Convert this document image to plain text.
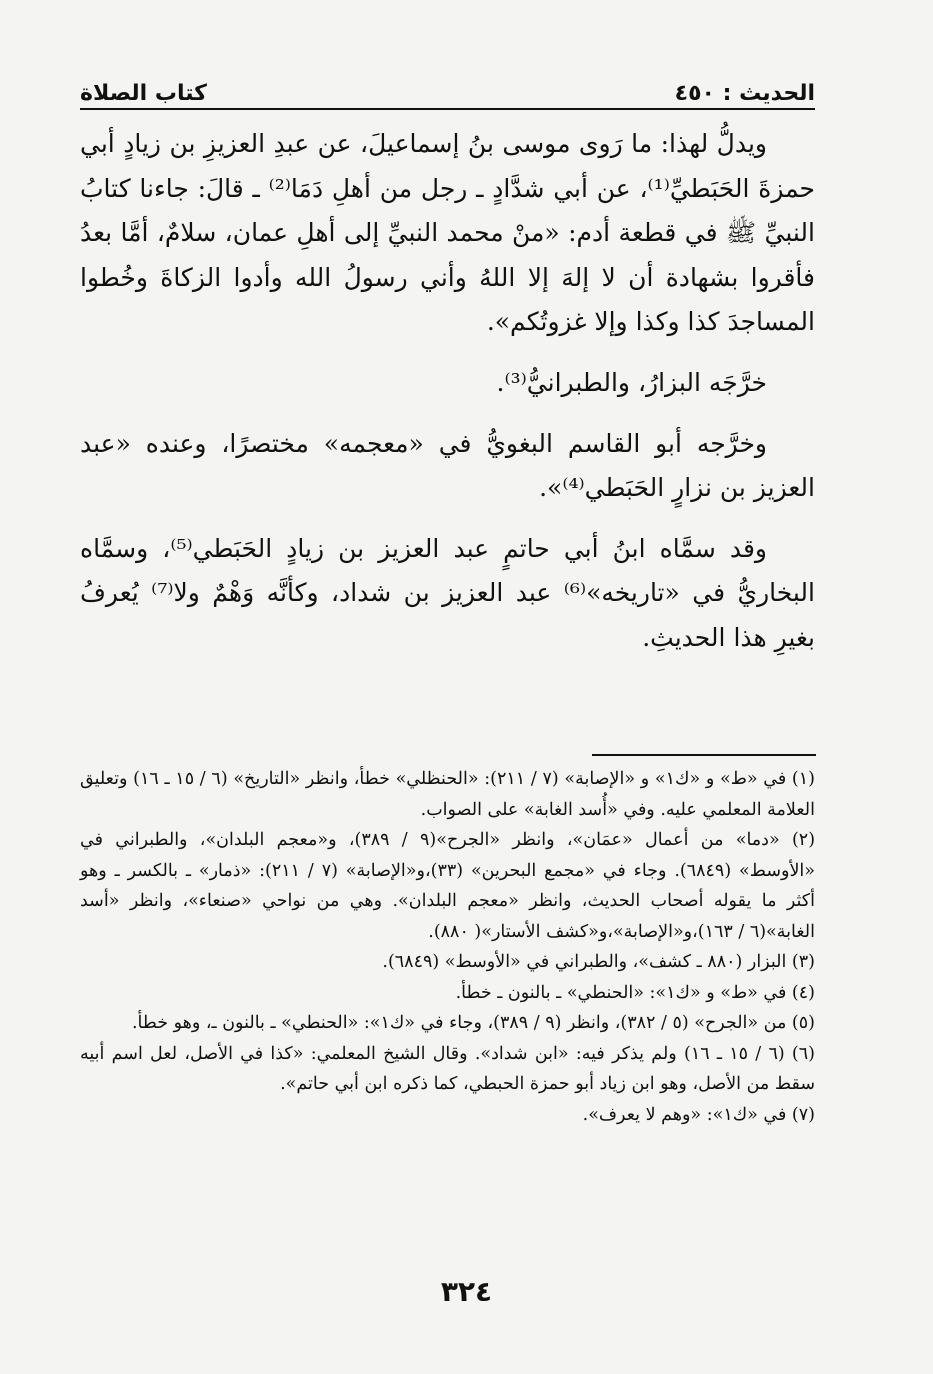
الحديث : ٤٥٠
كتاب الصلاة

ويدلُّ لهذا: ما رَوى موسى بنُ إسماعيلَ، عن عبدِ العزيزِ بن زيادٍ أبي حمزةَ الحَبَطيِّ⁽¹⁾، عن أبي شدَّادٍ ـ رجل من أهلِ دَمَا⁽²⁾ ـ قالَ: جاءنا كتابُ النبيِّ ﷺ في قطعة أدم: «منْ محمد النبيِّ إلى أهلِ عمان، سلامٌ، أمَّا بعدُ فأقروا بشهادة أن لا إلهَ إلا اللهُ وأني رسولُ الله وأدوا الزكاةَ وخُطوا المساجدَ كذا وكذا وإلا غزوتُكم».

خرَّجَه البزارُ، والطبرانيُّ⁽³⁾.

وخرَّجه أبو القاسم البغويُّ في «معجمه» مختصرًا، وعنده «عبد العزيز بن نزارٍ الحَبَطي⁽⁴⁾».

وقد سمَّاه ابنُ أبي حاتمٍ عبد العزيز بن زيادٍ الحَبَطي⁽⁵⁾، وسمَّاه البخاريُّ في «تاريخه»⁽⁶⁾ عبد العزيز بن شداد، وكأنَّه وَهْمٌ ولا⁽⁷⁾ يُعرفُ بغيرِ هذا الحديثِ.

(١) في «ط» و «ك١» و «الإصابة» (٧ / ٢١١): «الحنظلي» خطأ، وانظر «التاريخ» (٦ / ١٥ ـ ١٦) وتعليق العلامة المعلمي عليه. وفي «أُسد الغابة» على الصواب.

(٢) «دما» من أعمال «عمَان»، وانظر «الجرح»(٩ / ٣٨٩)، و«معجم البلدان»، والطبراني في «الأوسط» (٦٨٤٩). وجاء في «مجمع البحرين» (٣٣)،و«الإصابة» (٧ / ٢١١): «ذمار» ـ بالكسر ـ وهو أكثر ما يقوله أصحاب الحديث، وانظر «معجم البلدان». وهي من نواحي «صنعاء»، وانظر «أسد الغابة»(٦ / ١٦٣)،و«الإصابة»،و«كشف الأستار»( ٨٨٠).

(٣) البزار (٨٨٠ ـ كشف»، والطبراني في «الأوسط» (٦٨٤٩).

(٤) في «ط» و «ك١»: «الحنطي» ـ بالنون ـ خطأ.

(٥) من «الجرح» (٥ / ٣٨٢)، وانظر (٩ / ٣٨٩)، وجاء في «ك١»: «الحنطي» ـ بالنون ـ، وهو خطأ.

(٦) (٦ / ١٥ ـ ١٦) ولم يذكر فيه: «ابن شداد». وقال الشيخ المعلمي: «كذا في الأصل، لعل اسم أبيه سقط من الأصل، وهو ابن زياد أبو حمزة الحبطي، كما ذكره ابن أبي حاتم».

(٧) في «ك١»: «وهم لا يعرف».

٣٢٤
